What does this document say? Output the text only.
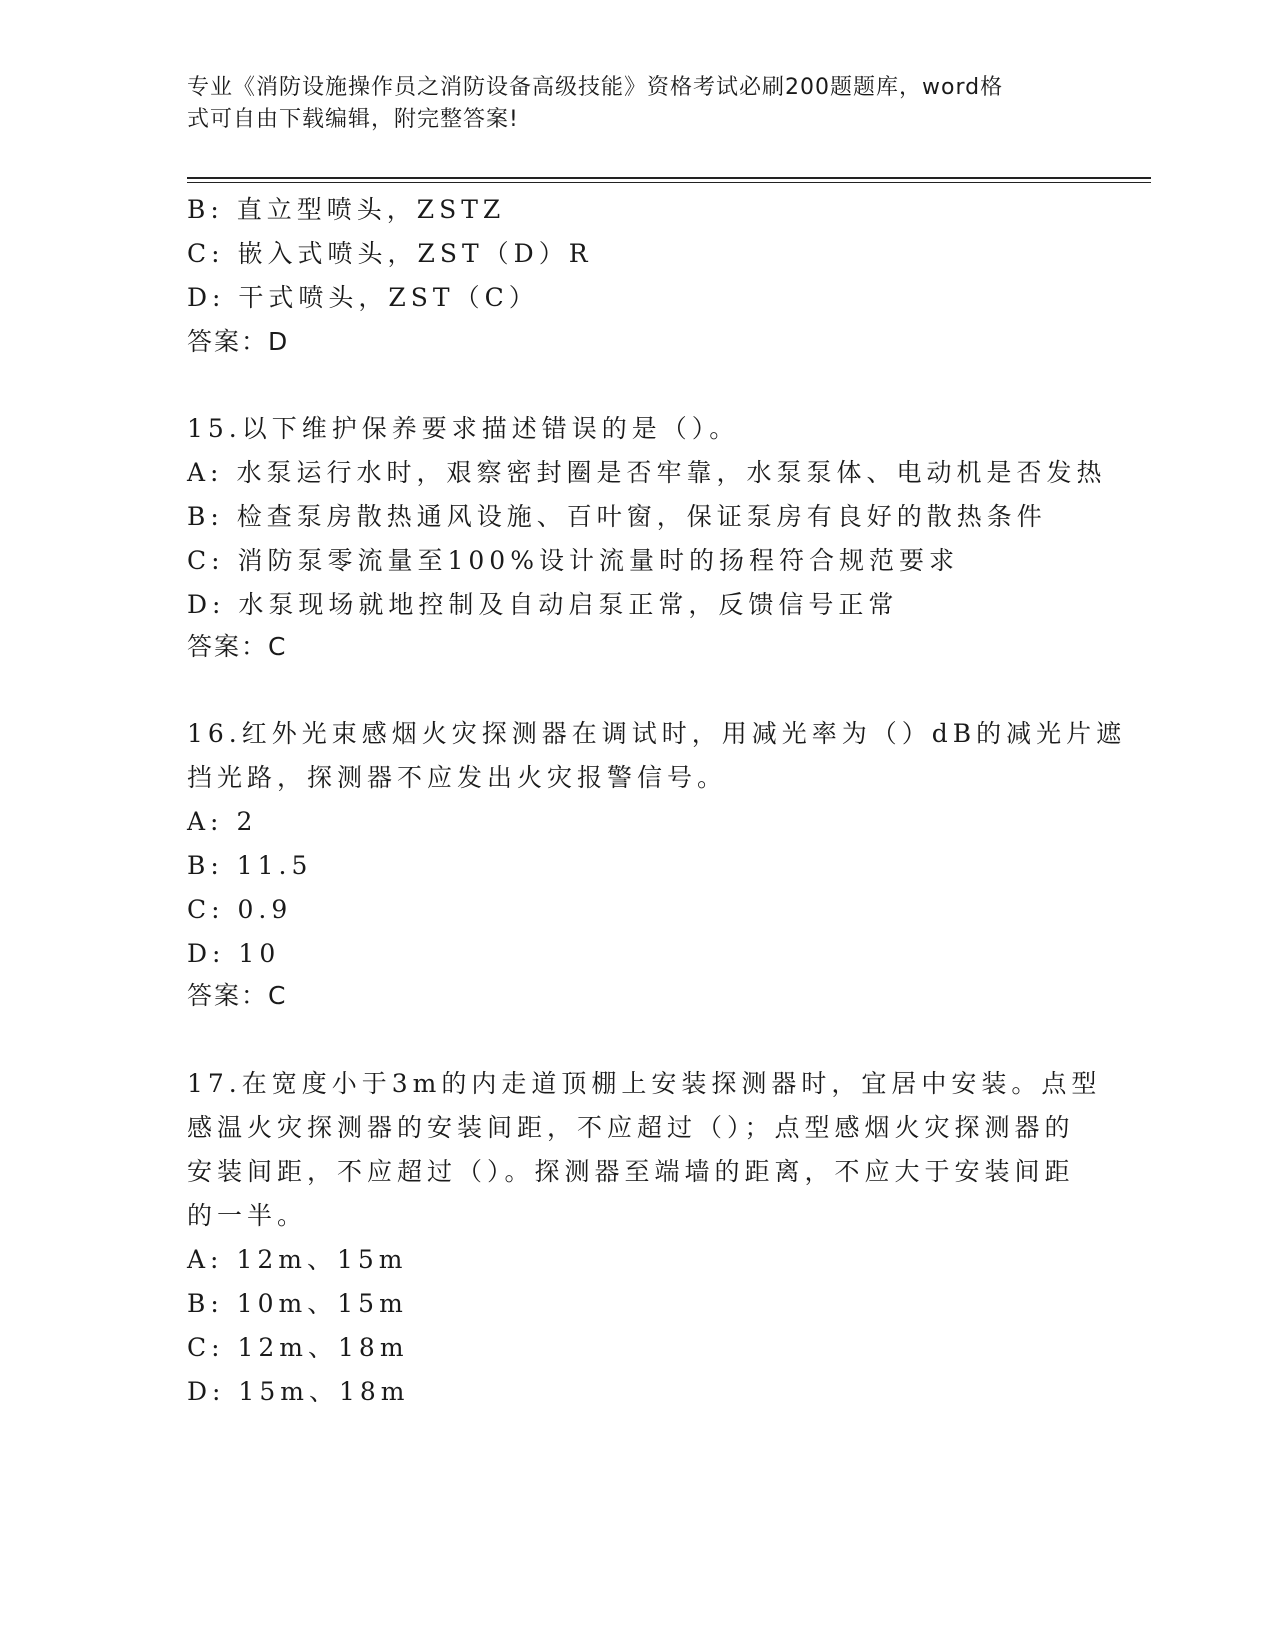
专业《消防设施操作员之消防设备高级技能》资格考试必刷200题题库，word格
式可自由下载编辑，附完整答案!
B: 直立型喷头，ZSTZ
C: 嵌入式喷头，ZST（D）R
D: 干式喷头，ZST（C）
答案：D
15.以下维护保养要求描述错误的是（）。
A: 水泵运行水时，艰察密封圈是否牢靠，水泵泵体、电动机是否发热
B: 检查泵房散热通风设施、百叶窗，保证泵房有良好的散热条件
C: 消防泵零流量至100%设计流量时的扬程符合规范要求
D: 水泵现场就地控制及自动启泵正常，反馈信号正常
答案：C
16.红外光束感烟火灾探测器在调试时，用减光率为（）dB的减光片遮
挡光路，探测器不应发出火灾报警信号。
A: 2
B: 11.5
C: 0.9
D: 10
答案：C
17.在宽度小于3m的内走道顶棚上安装探测器时，宜居中安装。点型
感温火灾探测器的安装间距，不应超过（）；点型感烟火灾探测器的
安装间距，不应超过（）。探测器至端墙的距离，不应大于安装间距
的一半。
A: 12m、15m
B: 10m、15m
C: 12m、18m
D: 15m、18m
